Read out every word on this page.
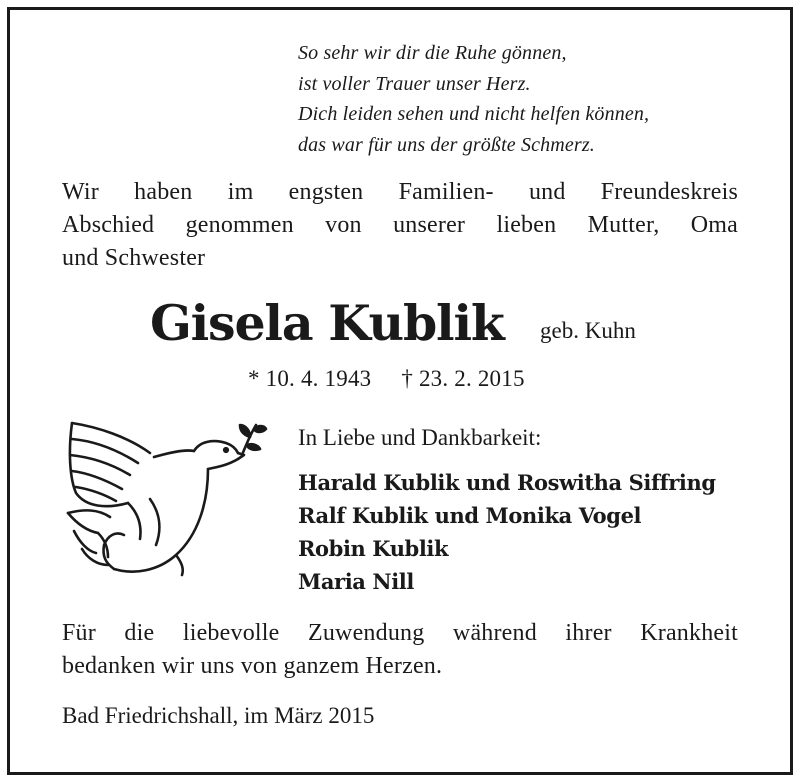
So sehr wir dir die Ruhe gönnen,
ist voller Trauer unser Herz.
Dich leiden sehen und nicht helfen können,
das war für uns der größte Schmerz.
Wir haben im engsten Familien- und Freundeskreis
Abschied genommen von unserer lieben Mutter, Oma
und Schwester
Gisela Kublik geb. Kuhn
* 10. 4. 1943 † 23. 2. 2015
In Liebe und Dankbarkeit:
Harald Kublik und Roswitha Siffring
Ralf Kublik und Monika Vogel
Robin Kublik
Maria Nill
Für die liebevolle Zuwendung während ihrer Krankheit
bedanken wir uns von ganzem Herzen.
Bad Friedrichshall, im März 2015
